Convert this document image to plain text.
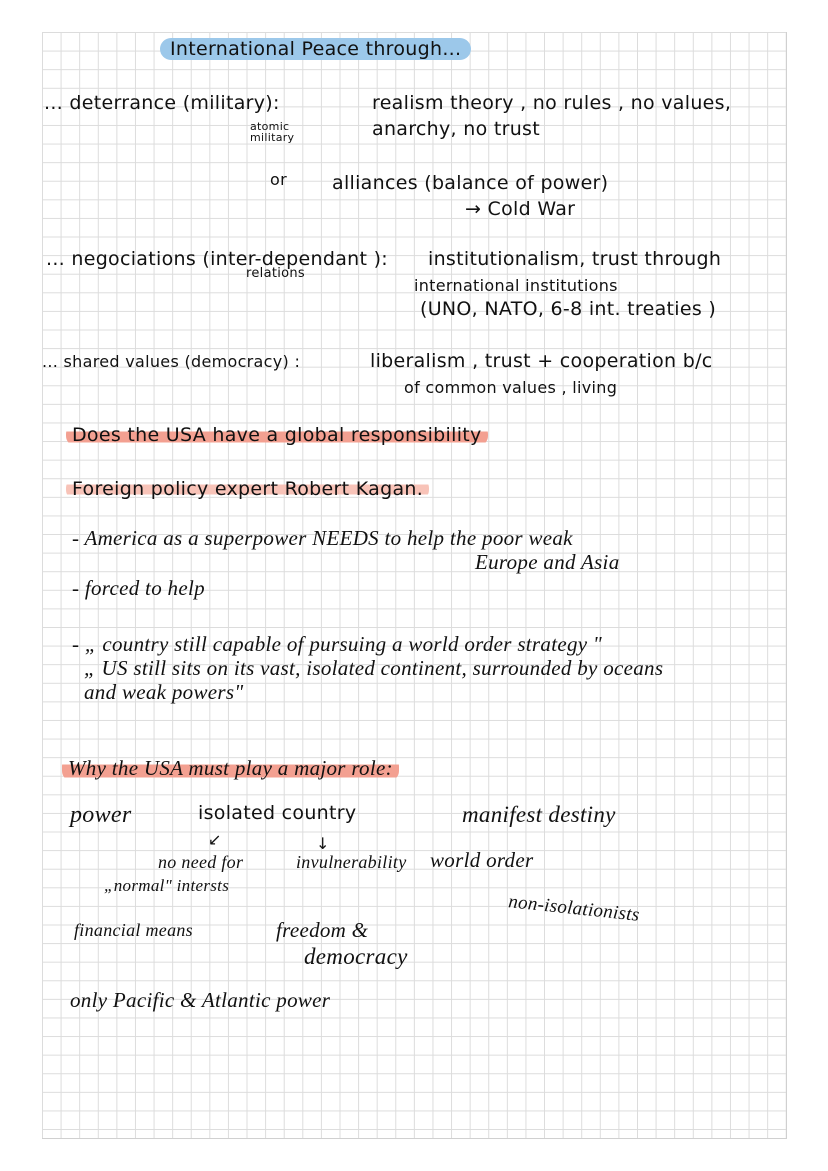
International Peace through...
... deterrance (military):
atomic
military
realism theory , no rules , no values,
anarchy, no trust
or alliances (balance of power)
→ Cold War
... negociations (inter-dependant ):
relations
institutionalism, trust through
international institutions
(UNO, NATO, 6-8 int. treaties )
... shared values (democracy) :	liberalism , trust + cooperation b/c
of common values , living
Does the USA have a global responsibility
Foreign policy expert Robert Kagan.
- America as a superpower NEEDS to help the poor weak
Europe and Asia
- forced to help
- „ country still capable of pursuing a world order strategy "
„ US still sits on its vast, isolated continent, surrounded by oceans
and weak powers"
Why the USA must play a major role:
power	isolated country	manifest destiny
↙	↓
no need for
„normal" intersts
invulnerability world order
non-isolationists
financial means	freedom &
democracy
only Pacific & Atlantic power
